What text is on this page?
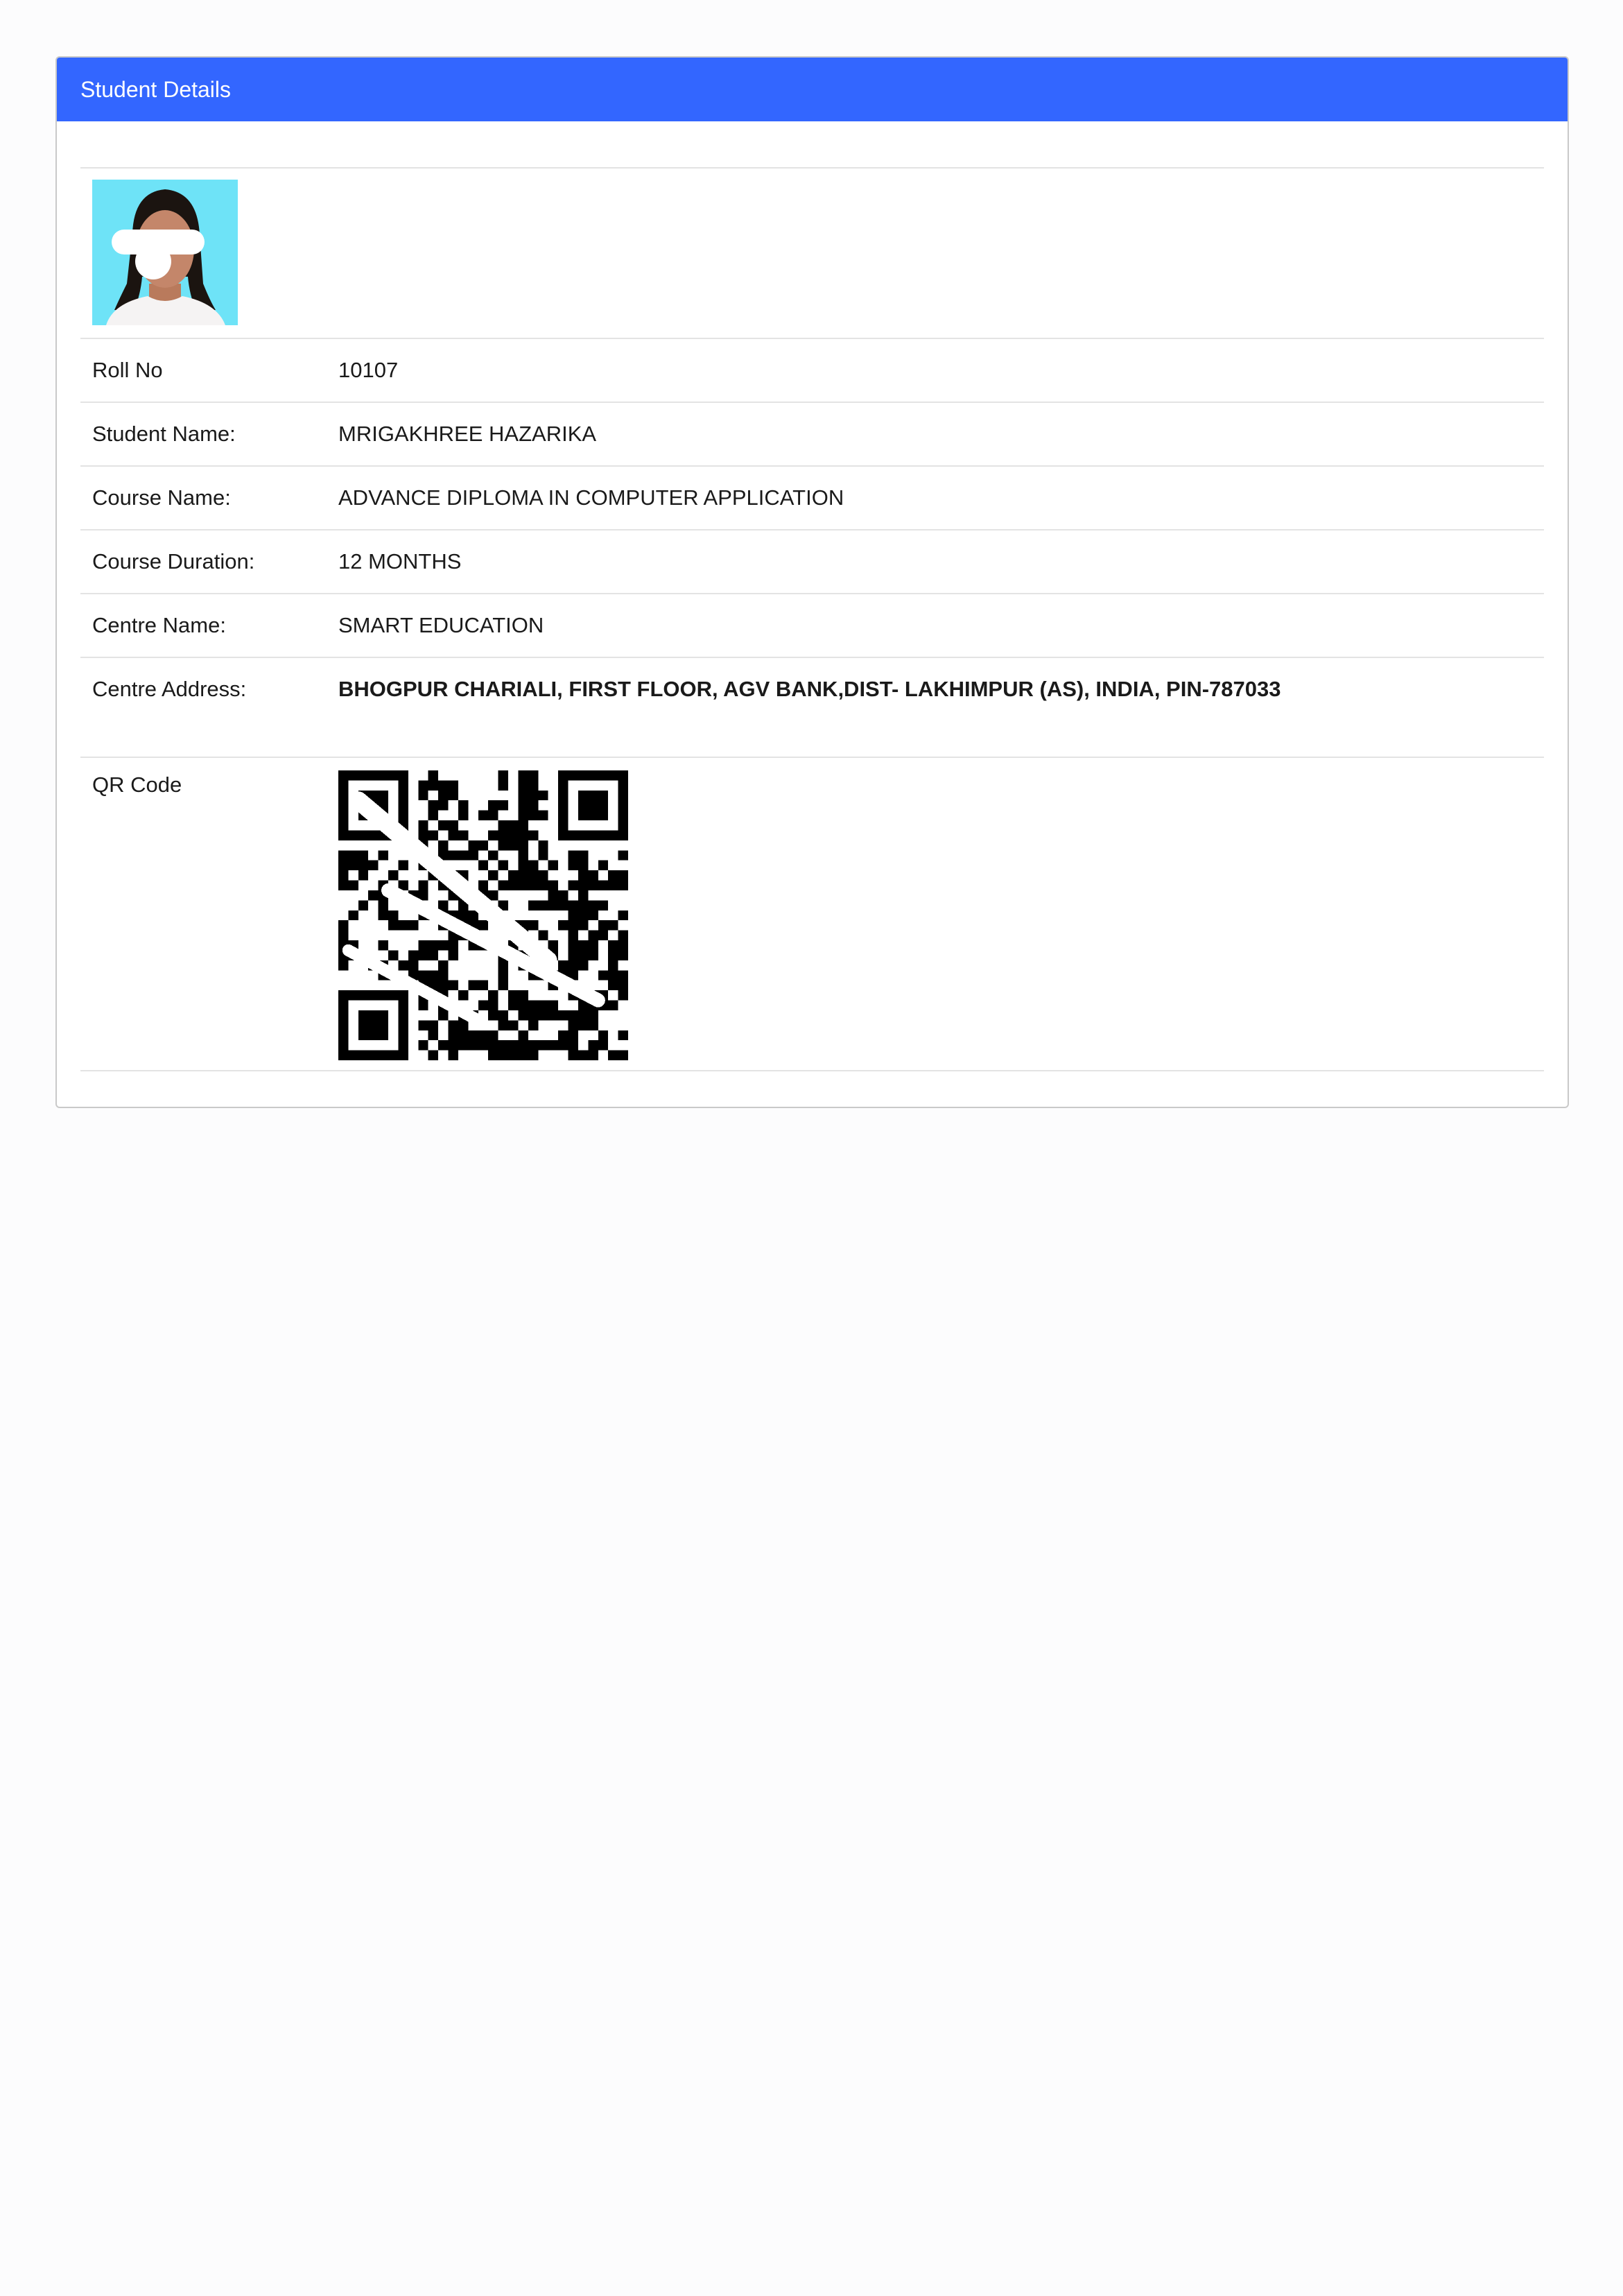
Student Details

Roll No	10107
Student Name:	MRIGAKHREE HAZARIKA
Course Name:	ADVANCE DIPLOMA IN COMPUTER APPLICATION
Course Duration:	12 MONTHS
Centre Name:	SMART EDUCATION
Centre Address:	BHOGPUR CHARIALI, FIRST FLOOR, AGV BANK,DIST- LAKHIMPUR (AS), INDIA, PIN-787033
QR Code	
